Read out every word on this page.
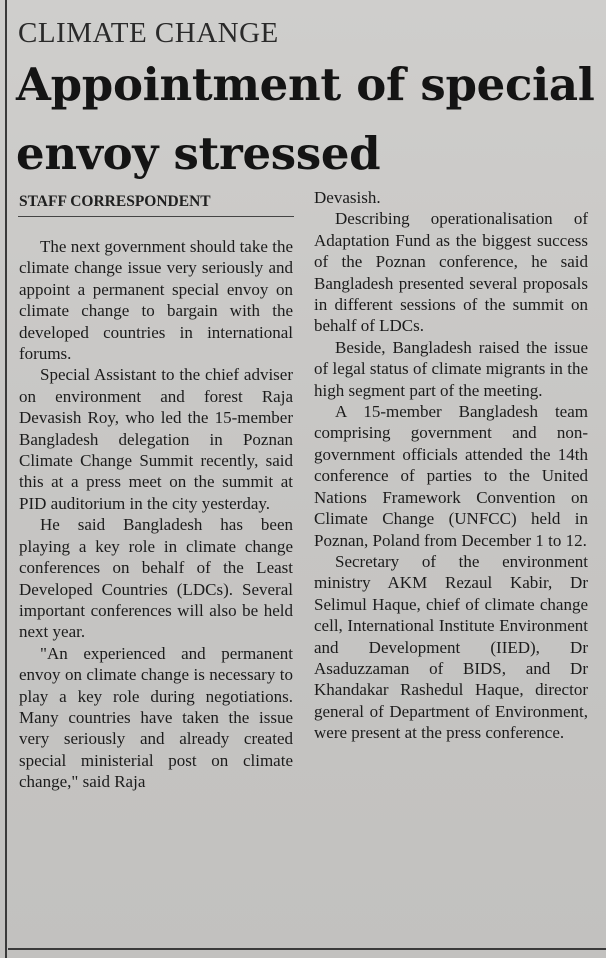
CLIMATE CHANGE
Appointment of special envoy stressed
STAFF CORRESPONDENT

The next government should take the climate change issue very seriously and appoint a permanent special envoy on climate change to bargain with the developed countries in international forums.

Special Assistant to the chief adviser on environment and forest Raja Devasish Roy, who led the 15-member Bangladesh delegation in Poznan Climate Change Summit recently, said this at a press meet on the summit at PID auditorium in the city yesterday.

He said Bangladesh has been playing a key role in climate change conferences on behalf of the Least Developed Countries (LDCs). Several important conferences will also be held next year.

"An experienced and permanent envoy on climate change is necessary to play a key role during negotiations. Many countries have taken the issue very seriously and already created special ministerial post on climate change," said Raja

Devasish.

Describing operationalisation of Adaptation Fund as the biggest success of the Poznan conference, he said Bangladesh presented several proposals in different sessions of the summit on behalf of LDCs.

Beside, Bangladesh raised the issue of legal status of climate migrants in the high segment part of the meeting.

A 15-member Bangladesh team comprising government and non-government officials attended the 14th conference of parties to the United Nations Framework Convention on Climate Change (UNFCC) held in Poznan, Poland from December 1 to 12.

Secretary of the environment ministry AKM Rezaul Kabir, Dr Selimul Haque, chief of climate change cell, International Institute Environment and Development (IIED), Dr Asaduzzaman of BIDS, and Dr Khandakar Rashedul Haque, director general of Department of Environment, were present at the press conference.
